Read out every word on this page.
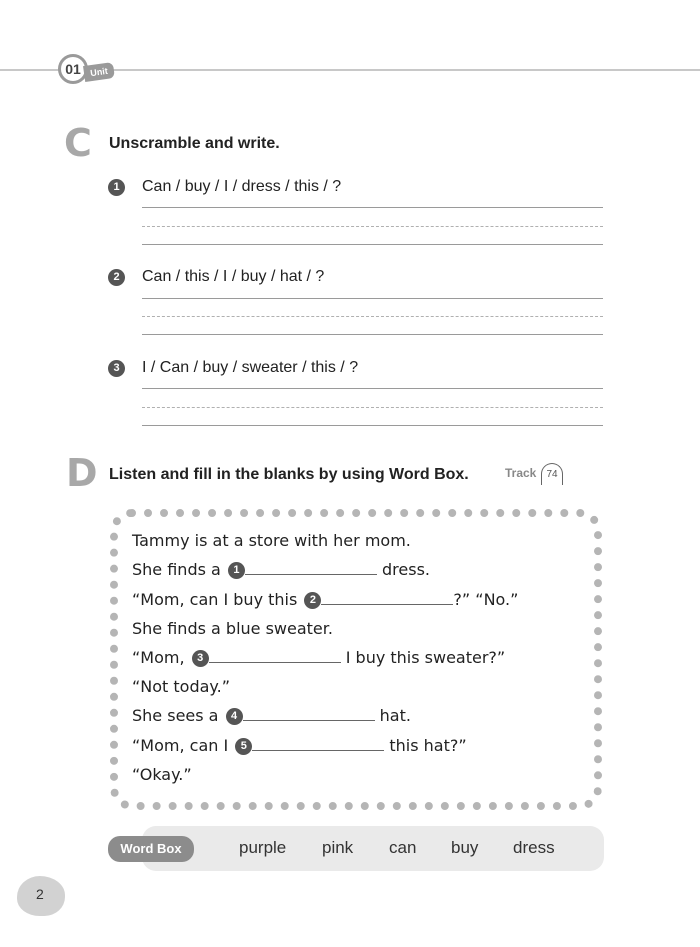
01 Unit
C Unscramble and write.
1	Can / buy / I / dress / this / ?
2	Can / this / I / buy / hat / ?
3	I / Can / buy / sweater / this / ?
D Listen and fill in the blanks by using Word Box.	Track	74
Tammy is at a store with her mom.
She finds a 1	dress.
“Mom, can I buy this 2	?” “No.”
She finds a blue sweater.
“Mom, 3	I buy this sweater?”
“Not today.”
She sees a 4	hat.
“Mom, can I 5	this hat?”
“Okay.”
Word Box	purple pink can buy dress
2
